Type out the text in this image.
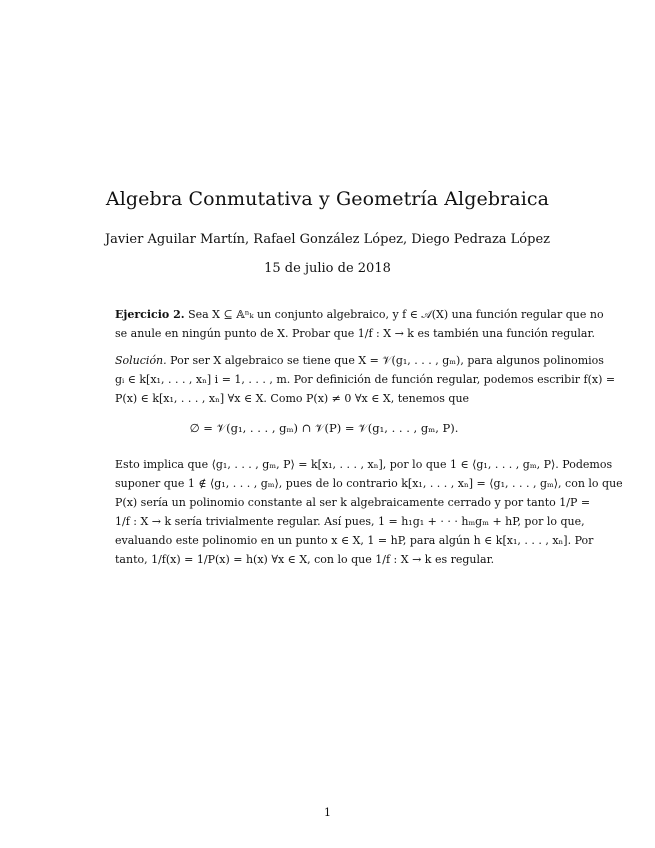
Algebra Conmutativa y Geometría Algebraica
Javier Aguilar Martín, Rafael González López, Diego Pedraza López
15 de julio de 2018
Ejercicio 2. Sea X ⊆ 𝔸ⁿₖ un conjunto algebraico, y f ∈ 𝒜(X) una función regular que no
se anule en ningún punto de X. Probar que 1/f : X → k es también una función regular.
Solución. Por ser X algebraico se tiene que X = 𝒱(g₁, . . . , gₘ), para algunos polinomios
gᵢ ∈ k[x₁, . . . , xₙ] i = 1, . . . , m. Por definición de función regular, podemos escribir f(x) =
P(x) ∈ k[x₁, . . . , xₙ] ∀x ∈ X. Como P(x) ≠ 0 ∀x ∈ X, tenemos que
∅ = 𝒱(g₁, . . . , gₘ) ∩ 𝒱(P) = 𝒱(g₁, . . . , gₘ, P).
Esto implica que ⟨g₁, . . . , gₘ, P⟩ = k[x₁, . . . , xₙ], por lo que 1 ∈ ⟨g₁, . . . , gₘ, P⟩. Podemos
suponer que 1 ∉ ⟨g₁, . . . , gₘ⟩, pues de lo contrario k[x₁, . . . , xₙ] = ⟨g₁, . . . , gₘ⟩, con lo que
P(x) sería un polinomio constante al ser k algebraicamente cerrado y por tanto 1/P =
1/f : X → k sería trivialmente regular. Así pues, 1 = h₁g₁ + · · · hₘgₘ + hP, por lo que,
evaluando este polinomio en un punto x ∈ X, 1 = hP, para algún h ∈ k[x₁, . . . , xₙ]. Por
tanto, 1/f(x) = 1/P(x) = h(x) ∀x ∈ X, con lo que 1/f : X → k es regular.
1
